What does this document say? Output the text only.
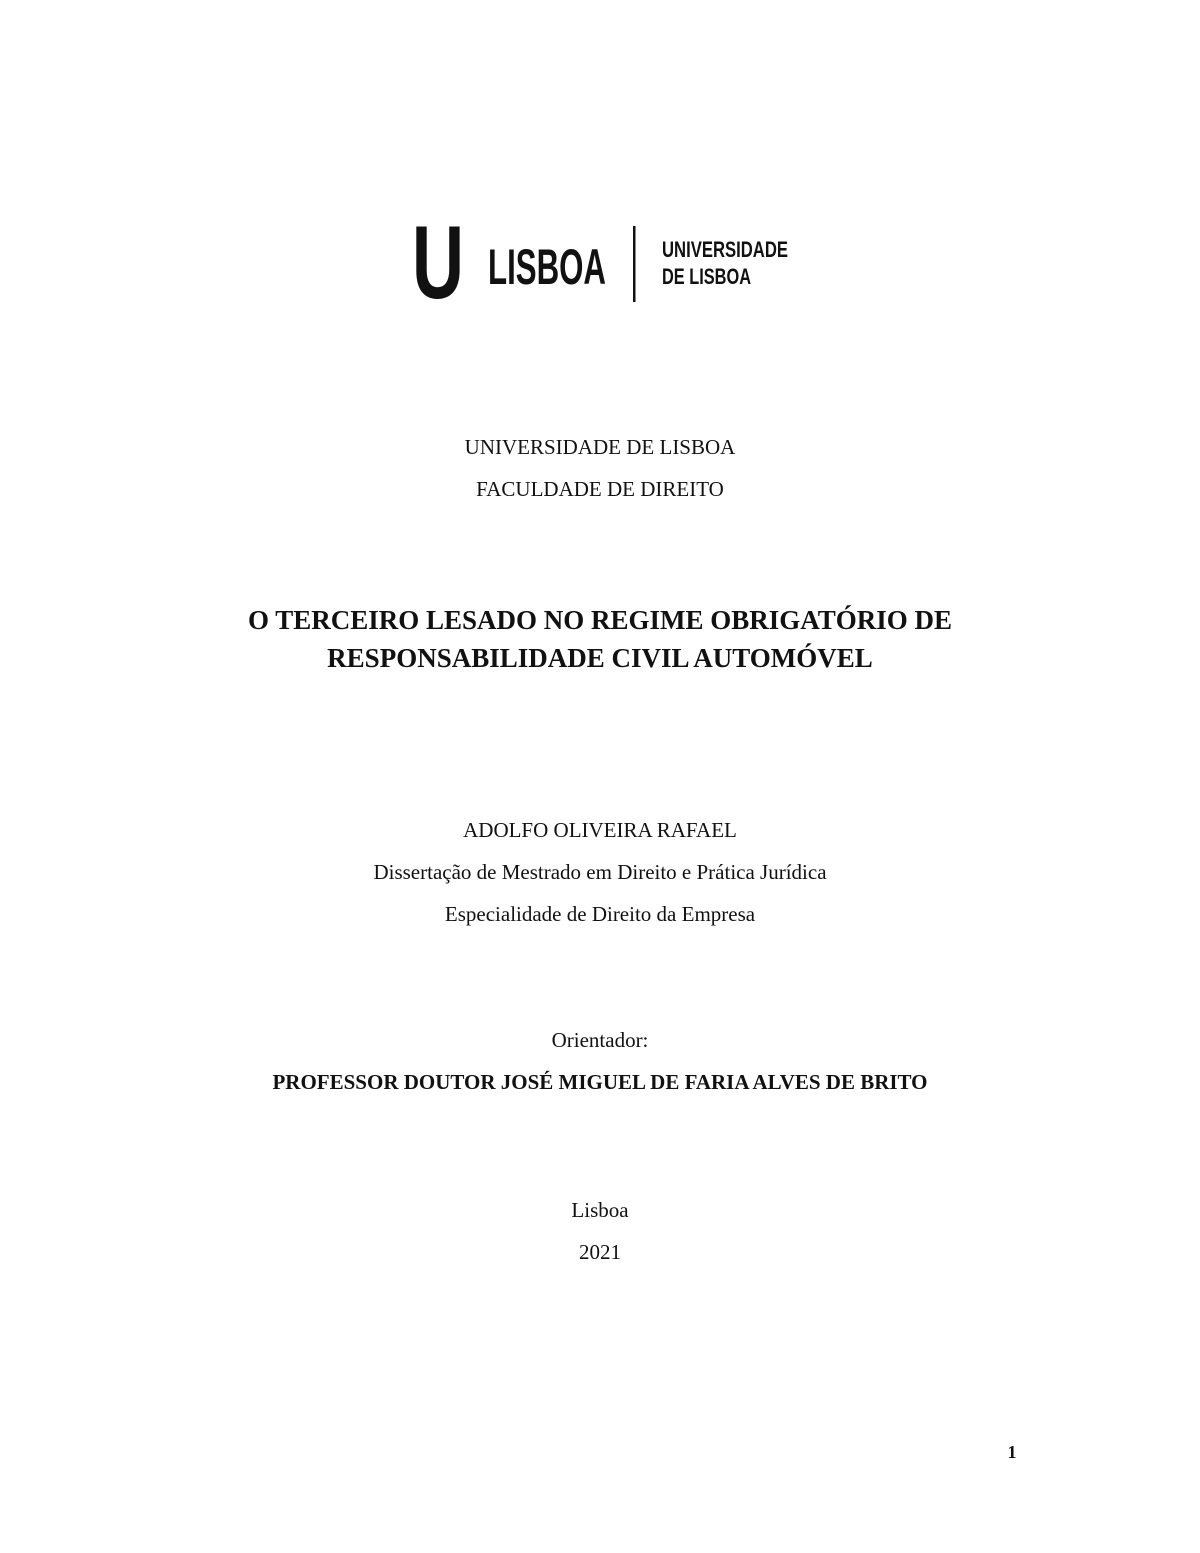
U LISBOA	UNIVERSIDADE
DE LISBOA
UNIVERSIDADE DE LISBOA
FACULDADE DE DIREITO
O TERCEIRO LESADO NO REGIME OBRIGATÓRIO DE
RESPONSABILIDADE CIVIL AUTOMÓVEL
ADOLFO OLIVEIRA RAFAEL
Dissertação de Mestrado em Direito e Prática Jurídica
Especialidade de Direito da Empresa
Orientador:
PROFESSOR DOUTOR JOSÉ MIGUEL DE FARIA ALVES DE BRITO
Lisboa
2021
1
